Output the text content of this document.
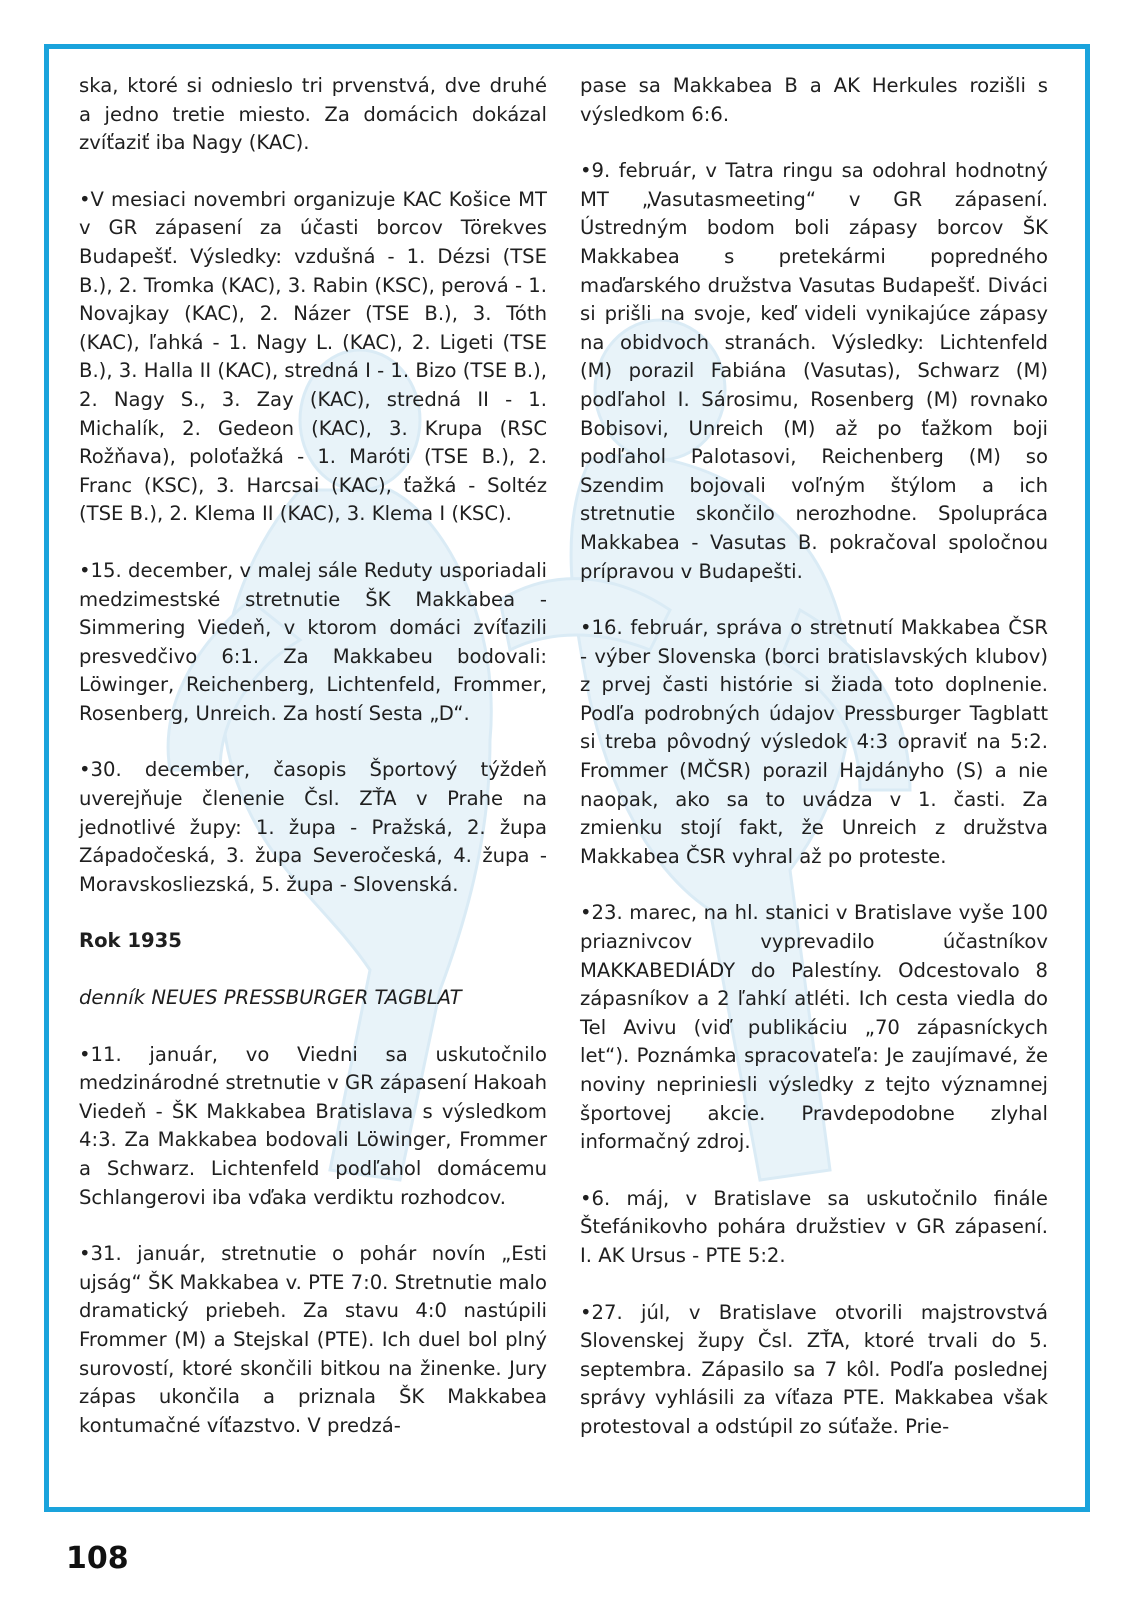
ska, ktoré si odnieslo tri prvenstvá, dve druhé a jedno tretie miesto. Za domácich dokázal zvíťaziť iba Nagy (KAC).

•V mesiaci novembri organizuje KAC Košice MT v GR zápasení za účasti borcov Törekves Budapešť. Výsledky: vzdušná - 1. Dézsi (TSE B.), 2. Tromka (KAC), 3. Rabin (KSC), perová - 1. Novajkay (KAC), 2. Názer (TSE B.), 3. Tóth (KAC), ľahká - 1. Nagy L. (KAC), 2. Ligeti (TSE B.), 3. Halla II (KAC), stredná I - 1. Bizo (TSE B.), 2. Nagy S., 3. Zay (KAC), stredná II - 1. Michalík, 2. Gedeon (KAC), 3. Krupa (RSC Rožňava), poloťažká - 1. Maróti (TSE B.), 2. Franc (KSC), 3. Harcsai (KAC), ťažká - Soltéz (TSE B.), 2. Klema II (KAC), 3. Klema I (KSC).

•15. december, v malej sále Reduty usporiadali medzimestské stretnutie ŠK Makkabea - Simmering Viedeň, v ktorom domáci zvíťazili presvedčivo 6:1. Za Makkabeu bodovali: Löwinger, Reichenberg, Lichtenfeld, Frommer, Rosenberg, Unreich. Za hostí Sesta „D“.

•30. december, časopis Športový týždeň uverejňuje členenie Čsl. ZŤA v Prahe na jednotlivé župy: 1. župa - Pražská, 2. župa Západočeská, 3. župa Severočeská, 4. župa - Moravskosliezská, 5. župa - Slovenská.

Rok 1935

denník NEUES PRESSBURGER TAGBLAT

•11. január, vo Viedni sa uskutočnilo medzinárodné stretnutie v GR zápasení Hakoah Viedeň - ŠK Makkabea Bratislava s výsledkom 4:3. Za Makkabea bodovali Löwinger, Frommer a Schwarz. Lichtenfeld podľahol domácemu Schlangerovi iba vďaka verdiktu rozhodcov.

•31. január, stretnutie o pohár novín „Esti ujság“ ŠK Makkabea v. PTE 7:0. Stretnutie malo dramatický priebeh. Za stavu 4:0 nastúpili Frommer (M) a Stejskal (PTE). Ich duel bol plný surovostí, ktoré skončili bitkou na žinenke. Jury zápas ukončila a priznala ŠK Makkabea kontumačné víťazstvo. V predzá-

pase sa Makkabea B a AK Herkules rozišli s výsledkom 6:6.

•9. február, v Tatra ringu sa odohral hodnotný MT „Vasutasmeeting“ v GR zápasení. Ústredným bodom boli zápasy borcov ŠK Makkabea s pretekármi popredného maďarského družstva Vasutas Budapešť. Diváci si prišli na svoje, keď videli vynikajúce zápasy na obidvoch stranách. Výsledky: Lichtenfeld (M) porazil Fabiána (Vasutas), Schwarz (M) podľahol I. Sárosimu, Rosenberg (M) rovnako Bobisovi, Unreich (M) až po ťažkom boji podľahol Palotasovi, Reichenberg (M) so Szendim bojovali voľným štýlom a ich stretnutie skončilo nerozhodne. Spolupráca Makkabea - Vasutas B. pokračoval spoločnou prípravou v Budapešti.

•16. február, správa o stretnutí Makkabea ČSR - výber Slovenska (borci bratislavských klubov) z prvej časti histórie si žiada toto doplnenie. Podľa podrobných údajov Pressburger Tagblatt si treba pôvodný výsledok 4:3 opraviť na 5:2. Frommer (MČSR) porazil Hajdányho (S) a nie naopak, ako sa to uvádza v 1. časti. Za zmienku stojí fakt, že Unreich z družstva Makkabea ČSR vyhral až po proteste.

•23. marec, na hl. stanici v Bratislave vyše 100 priaznivcov vyprevadilo účastníkov MAKKABEDIÁDY do Palestíny. Odcestovalo 8 zápasníkov a 2 ľahkí atléti. Ich cesta viedla do Tel Avivu (viď publikáciu „70 zápasníckych let“). Poznámka spracovateľa: Je zaujímavé, že noviny nepriniesli výsledky z tejto významnej športovej akcie. Pravdepodobne zlyhal informačný zdroj.

•6. máj, v Bratislave sa uskutočnilo finále Štefánikovho pohára družstiev v GR zápasení. I. AK Ursus - PTE 5:2.

•27. júl, v Bratislave otvorili majstrovstvá Slovenskej župy Čsl. ZŤA, ktoré trvali do 5. septembra. Zápasilo sa 7 kôl. Podľa poslednej správy vyhlásili za víťaza PTE. Makkabea však protestoval a odstúpil zo súťaže. Prie-

108
